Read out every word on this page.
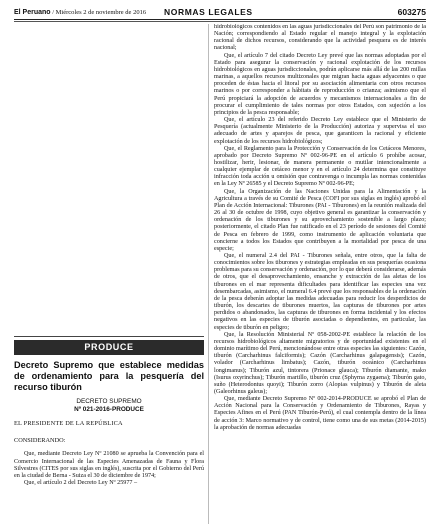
El Peruano / Miércoles 2 de noviembre de 2016 NORMAS LEGALES	603275
PRODUCE

Decreto Supremo que establece medidas de ordenamiento para la pesquería del recurso tiburón

DECRETO SUPREMO

Nº 021-2016-PRODUCE

EL PRESIDENTE DE LA REPÚBLICA

CONSIDERANDO:

Que, mediante Decreto Ley Nº 21080 se aprueba la Convención para el Comercio Internacional de las Especies Amenazadas de Fauna y Flora Silvestres (CITES por sus siglas en inglés), suscrita por el Gobierno del Perú en la ciudad de Berna - Suiza el 30 de diciembre de 1974;

Que, el artículo 2 del Decreto Ley Nº 25977 –

hidrobiológicos contenidos en las aguas jurisdiccionales del Perú son patrimonio de la Nación; correspondiendo al Estado regular el manejo integral y la explotación racional de dichos recursos, considerando que la actividad pesquera es de interés nacional;

Que, el artículo 7 del citado Decreto Ley prevé que las normas adoptadas por el Estado para asegurar la conservación y racional explotación de los recursos hidrobiológicos en aguas jurisdiccionales, podrán aplicarse más allá de las 200 millas marinas, a aquellos recursos multizonales que migran hacia aguas adyacentes o que proceden de éstas hacia el litoral por su asociación alimentaria con otros recursos marinos o por corresponder a hábitats de reproducción o crianza; asimismo que el Perú propiciará la adopción de acuerdos y mecanismos internacionales a fin de procurar el cumplimiento de tales normas por otros Estados, con sujeción a los principios de la pesca responsable;

Que, el artículo 23 del referido Decreto Ley establece que el Ministerio de Pesquería (actualmente Ministerio de la Producción) autoriza y supervisa el uso adecuado de artes y aparejos de pesca, que garanticen la racional y eficiente explotación de los recursos hidrobiológicos;

Que, el Reglamento para la Protección y Conservación de los Cetáceos Menores, aprobado por Decreto Supremo Nº 002-96-PE en el artículo 6 prohíbe acosar, hostilizar, herir, lesionar, de manera permanente o mutilar intencionalmente a cualquier ejemplar de cetáceo menor y en el artículo 24 determina que constituye infracción toda acción u omisión que contravenga o incumpla las normas contenidas en la Ley Nº 26585 y el Decreto Supremo Nº 002-96-PE;

Que, la Organización de las Naciones Unidas para la Alimentación y la Agricultura a través de su Comité de Pesca (COFI por sus siglas en inglés) aprobó el Plan de Acción Internacional: Tiburones (PAI - Tiburones) en la reunión realizada del 26 al 30 de octubre de 1998, cuyo objetivo general es garantizar la conservación y ordenación de los tiburones y su aprovechamiento sostenible a largo plazo; posteriormente, el citado Plan fue ratificado en el 23 período de sesiones del Comité de Pesca en febrero de 1999, como instrumento de aplicación voluntaria que concierne a todos los Estados que contribuyen a la mortalidad por pesca de una especie;

Que, el numeral 2.4 del PAI - Tiburones señala, entre otros, que la falta de conocimientos sobre los tiburones y estrategias empleadas en sus pesquerías ocasiona problemas para su conservación y ordenación, por lo que deberá considerarse, además de otros, que el desaprovechamiento, ensanche y extracción de las aletas de los tiburones en el mar representa dificultades para identificar las especies una vez desembarcadas, asimismo, el numeral 6.4 prevé que los responsables de la ordenación de la pesca deberán adoptar las medidas adecuadas para reducir los desperdicios de tiburón, los descartes de tiburones muertos, las capturas de tiburones por artes perdidos o abandonados, las capturas de tiburones en forma incidental y los efectos negativos en las especies de tiburón asociadas o dependientes, en particular, las especies de tiburón en peligro;

Que, la Resolución Ministerial Nº 058-2002-PE establece la relación de los recursos hidrobiológicos altamente migratorios y de oportunidad existentes en el dominio marítimo del Perú, mencionándose entre otras especies las siguientes: Cazón, tiburón (Carcharhinus falciformis); Cazón (Carcharhinus galapagensis); Cazón, volador (Carcharhinus limbatus); Cazón, tiburón oceánico (Carcharhinus longimanus); Tiburón azul, tintorera (Prionace glauca); Tiburón diamante, mako (Isurus oxyrinchus); Tiburón martillo, tiburón cruz (Sphyrna zygaena); Tiburón gato, suño (Heterodontus quoyi); Tiburón zorro (Alopias vulpinus) y Tiburón de aleta (Galeorhinus galeus);

Que, mediante Decreto Supremo Nº 002-2014-PRODUCE se aprobó el Plan de Acción Nacional para la Conservación y Ordenamiento de Tiburones, Rayas y Especies Afines en el Perú (PAN Tiburón-Perú), el cual contempla dentro de la línea de acción 3: Marco normativo y de control, tiene como una de sus metas (2014-2015) la aprobación de normas adecuadas
